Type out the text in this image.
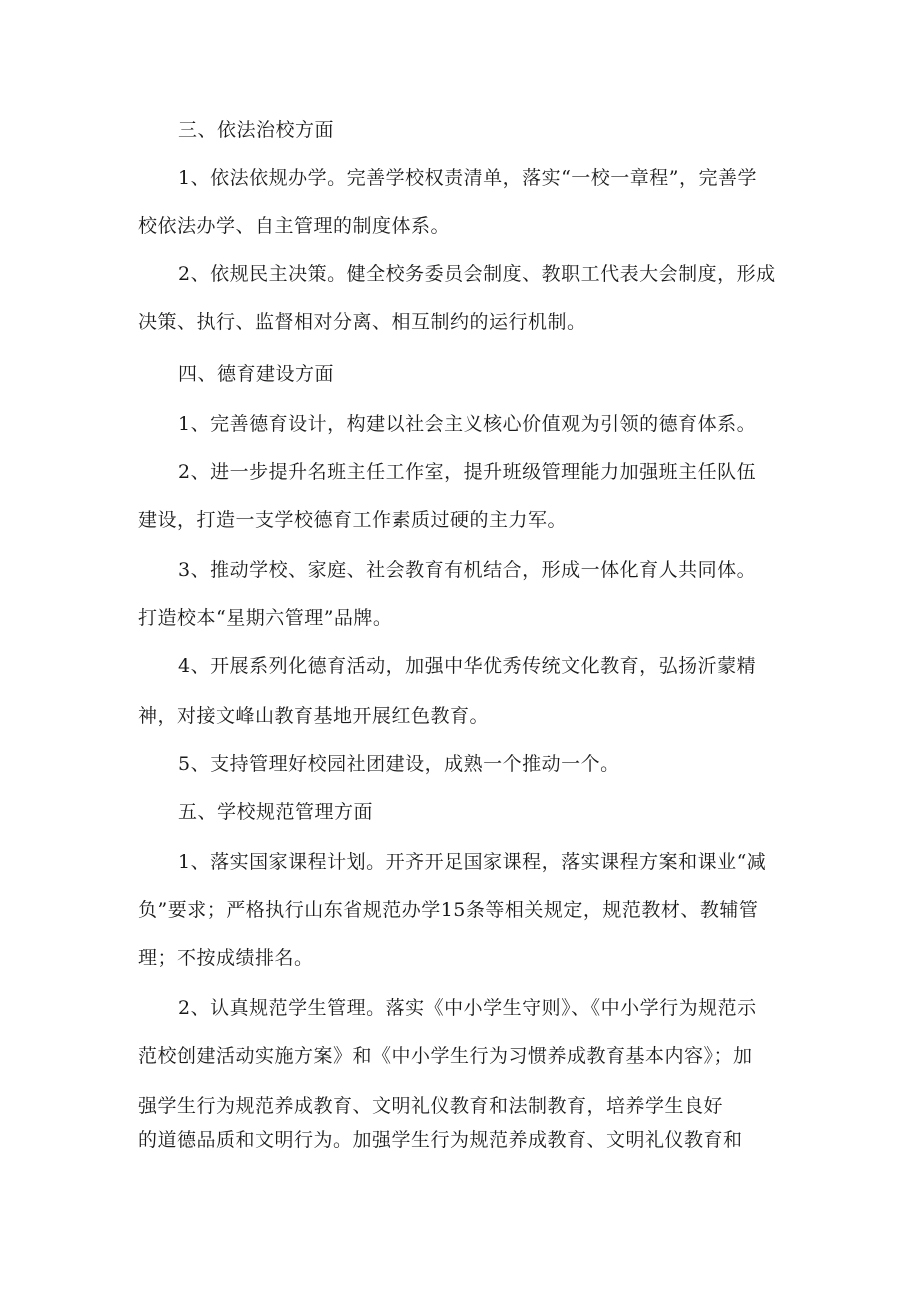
三、依法治校方面
1、依法依规办学。完善学校权责清单，落实“一校一章程”，完善学
校依法办学、自主管理的制度体系。
2、依规民主决策。健全校务委员会制度、教职工代表大会制度，形成
决策、执行、监督相对分离、相互制约的运行机制。
四、德育建设方面
1、完善德育设计，构建以社会主义核心价值观为引领的德育体系。
2、进一步提升名班主任工作室，提升班级管理能力加强班主任队伍
建设，打造一支学校德育工作素质过硬的主力军。
3、推动学校、家庭、社会教育有机结合，形成一体化育人共同体。
打造校本“星期六管理”品牌。
4、开展系列化德育活动，加强中华优秀传统文化教育，弘扬沂蒙精
神，对接文峰山教育基地开展红色教育。
5、支持管理好校园社团建设，成熟一个推动一个。
五、学校规范管理方面
1、落实国家课程计划。开齐开足国家课程，落实课程方案和课业“减
负”要求；严格执行山东省规范办学15条等相关规定，规范教材、教辅管
理；不按成绩排名。
2、认真规范学生管理。落实《中小学生守则》、《中小学行为规范示
范校创建活动实施方案》和《中小学生行为习惯养成教育基本内容》；加
强学生行为规范养成教育、文明礼仪教育和法制教育，培养学生良好
的道德品质和文明行为。加强学生行为规范养成教育、文明礼仪教育和
